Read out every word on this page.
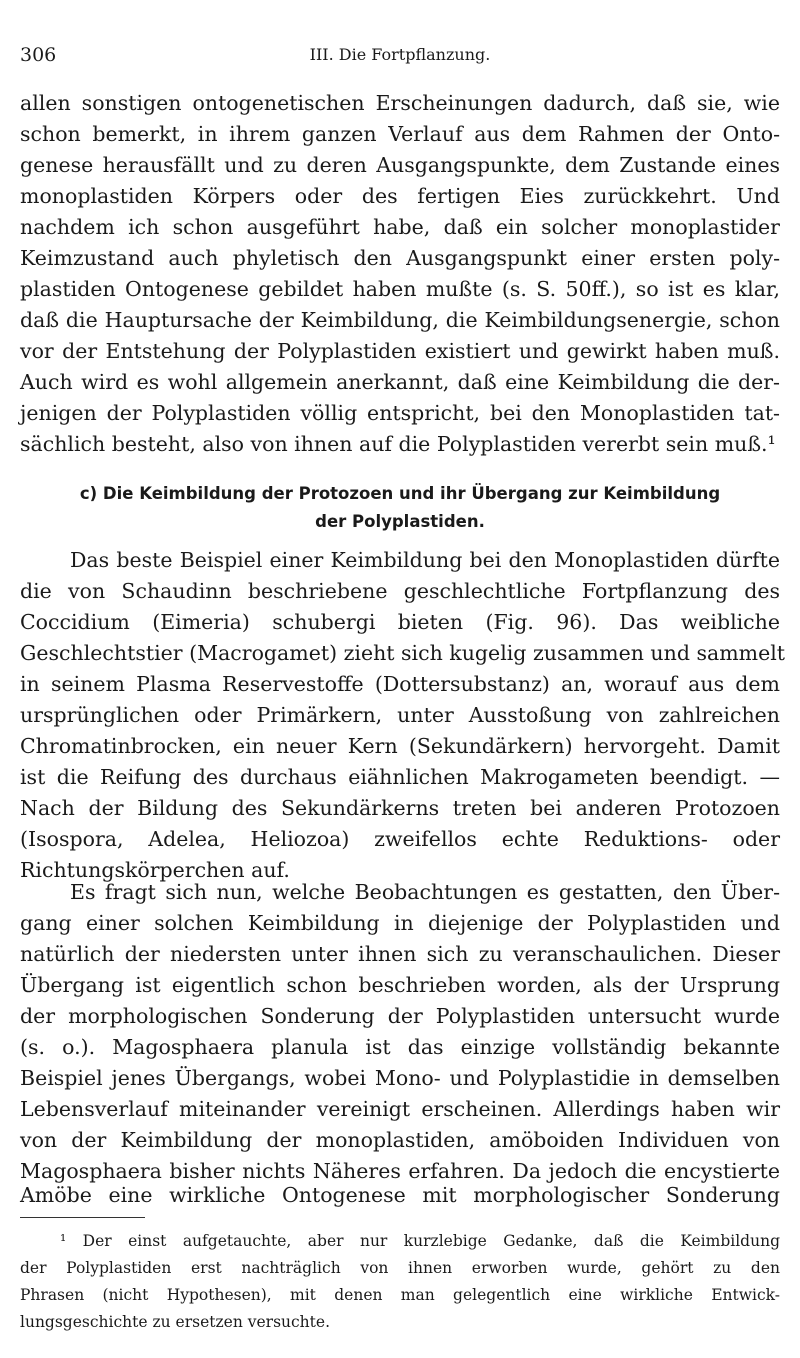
306	III. Die Fortpflanzung.
allen sonstigen ontogenetischen Erscheinungen dadurch, daß sie, wie
schon bemerkt, in ihrem ganzen Verlauf aus dem Rahmen der Onto-
genese herausfällt und zu deren Ausgangspunkte, dem Zustande eines
monoplastiden Körpers oder des fertigen Eies zurückkehrt. Und
nachdem ich schon ausgeführt habe, daß ein solcher monoplastider
Keimzustand auch phyletisch den Ausgangspunkt einer ersten poly-
plastiden Ontogenese gebildet haben mußte (s. S. 50ff.), so ist es klar,
daß die Hauptursache der Keimbildung, die Keimbildungsenergie, schon
vor der Entstehung der Polyplastiden existiert und gewirkt haben muß.
Auch wird es wohl allgemein anerkannt, daß eine Keimbildung die der-
jenigen der Polyplastiden völlig entspricht, bei den Monoplastiden tat-
sächlich besteht, also von ihnen auf die Polyplastiden vererbt sein muß.¹
c) Die Keimbildung der Protozoen und ihr Übergang zur Keimbildung
der Polyplastiden.
Das beste Beispiel einer Keimbildung bei den Monoplastiden dürfte
die von Schaudinn beschriebene geschlechtliche Fortpflanzung des
Coccidium (Eimeria) schubergi bieten (Fig. 96). Das weibliche
Geschlechtstier (Macrogamet) zieht sich kugelig zusammen und sammelt
in seinem Plasma Reservestoffe (Dottersubstanz) an, worauf aus dem
ursprünglichen oder Primärkern, unter Ausstoßung von zahlreichen
Chromatinbrocken, ein neuer Kern (Sekundärkern) hervorgeht. Damit
ist die Reifung des durchaus eiähnlichen Makrogameten beendigt. —
Nach der Bildung des Sekundärkerns treten bei anderen Protozoen
(Isospora, Adelea, Heliozoa) zweifellos echte Reduktions- oder
Richtungskörperchen auf.
Es fragt sich nun, welche Beobachtungen es gestatten, den Über-
gang einer solchen Keimbildung in diejenige der Polyplastiden und
natürlich der niedersten unter ihnen sich zu veranschaulichen. Dieser
Übergang ist eigentlich schon beschrieben worden, als der Ursprung
der morphologischen Sonderung der Polyplastiden untersucht wurde
(s. o.). Magosphaera planula ist das einzige vollständig bekannte
Beispiel jenes Übergangs, wobei Mono- und Polyplastidie in demselben
Lebensverlauf miteinander vereinigt erscheinen. Allerdings haben wir
von der Keimbildung der monoplastiden, amöboiden Individuen von
Magosphaera bisher nichts Näheres erfahren. Da jedoch die encystierte
Amöbe eine wirkliche Ontogenese mit morphologischer Sonderung
¹ Der einst aufgetauchte, aber nur kurzlebige Gedanke, daß die Keimbildung
der Polyplastiden erst nachträglich von ihnen erworben wurde, gehört zu den
Phrasen (nicht Hypothesen), mit denen man gelegentlich eine wirkliche Entwick-
lungsgeschichte zu ersetzen versuchte.
